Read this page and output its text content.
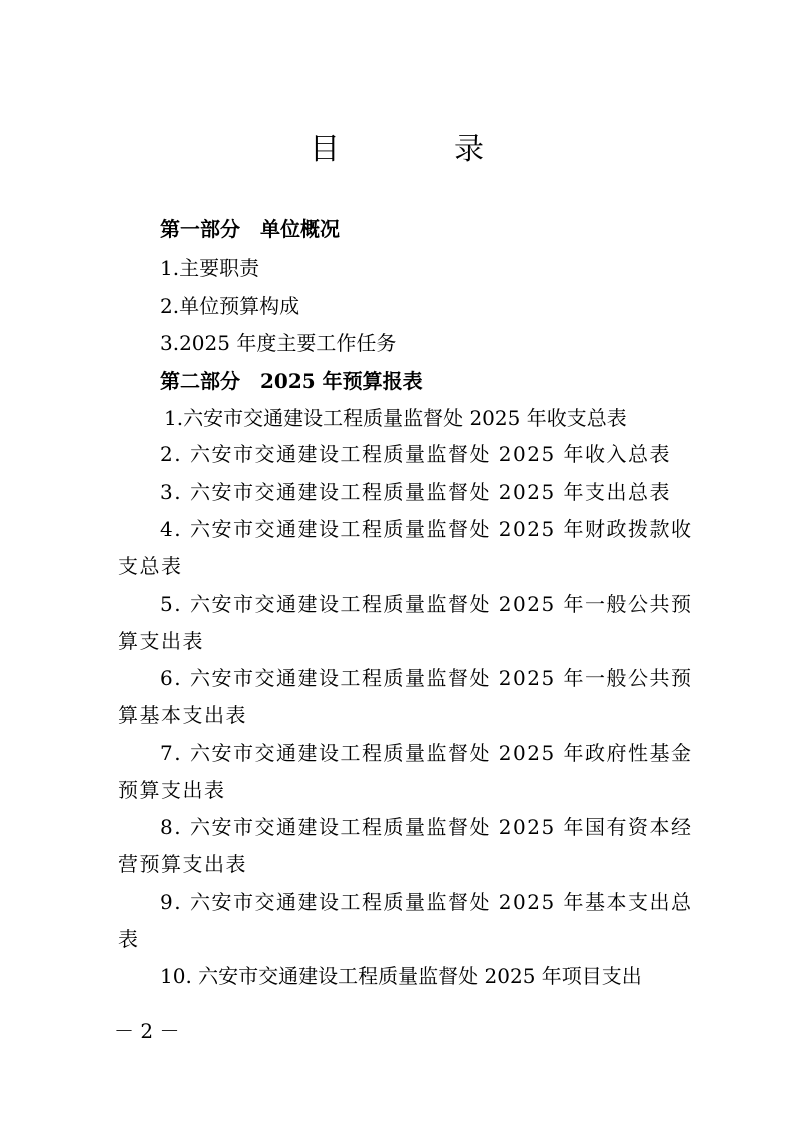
目　录
第一部分　单位概况
1.主要职责
2.单位预算构成
3.2025 年度主要工作任务
第二部分　2025 年预算报表
1.六安市交通建设工程质量监督处 2025 年收支总表
2. 六安市交通建设工程质量监督处 2025 年收入总表
3. 六安市交通建设工程质量监督处 2025 年支出总表
4. 六安市交通建设工程质量监督处 2025 年财政拨款收
支总表
5. 六安市交通建设工程质量监督处 2025 年一般公共预
算支出表
6. 六安市交通建设工程质量监督处 2025 年一般公共预
算基本支出表
7. 六安市交通建设工程质量监督处 2025 年政府性基金
预算支出表
8. 六安市交通建设工程质量监督处 2025 年国有资本经
营预算支出表
9. 六安市交通建设工程质量监督处 2025 年基本支出总
表
10. 六安市交通建设工程质量监督处 2025 年项目支出
－ 2 －
